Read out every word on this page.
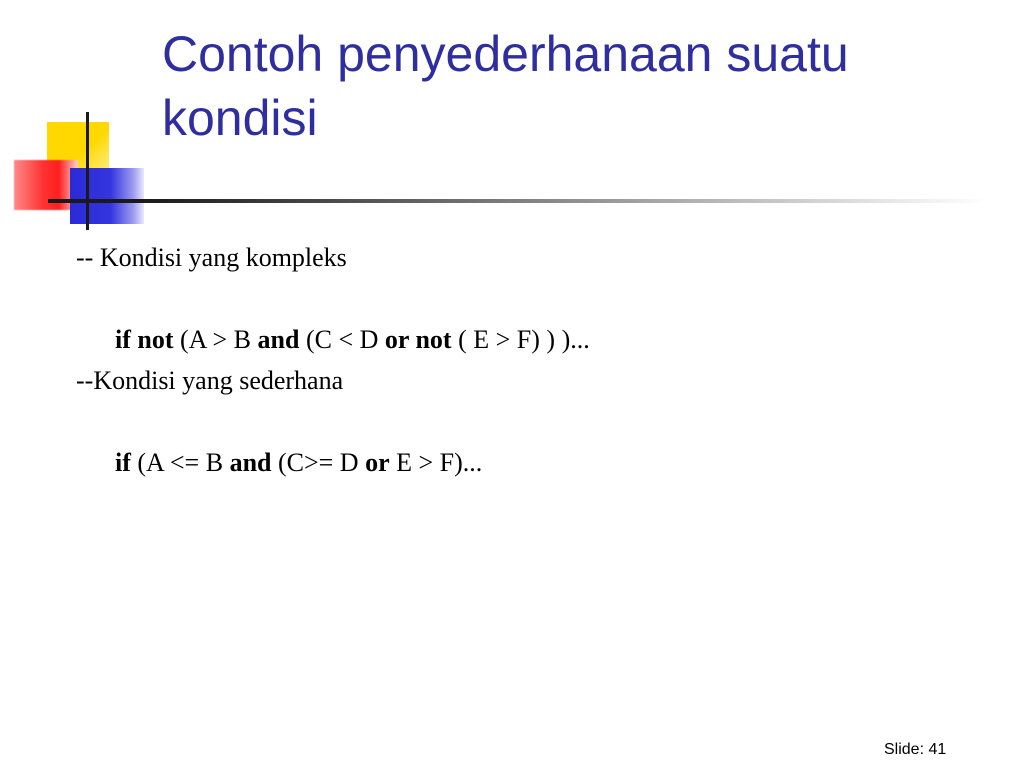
Contoh penyederhanaan suatu kondisi
-- Kondisi yang kompleks

if not (A > B and (C < D or not ( E > F) ) )...

--Kondisi yang sederhana

if (A <= B and (C>= D or E > F)...

Slide: 41
